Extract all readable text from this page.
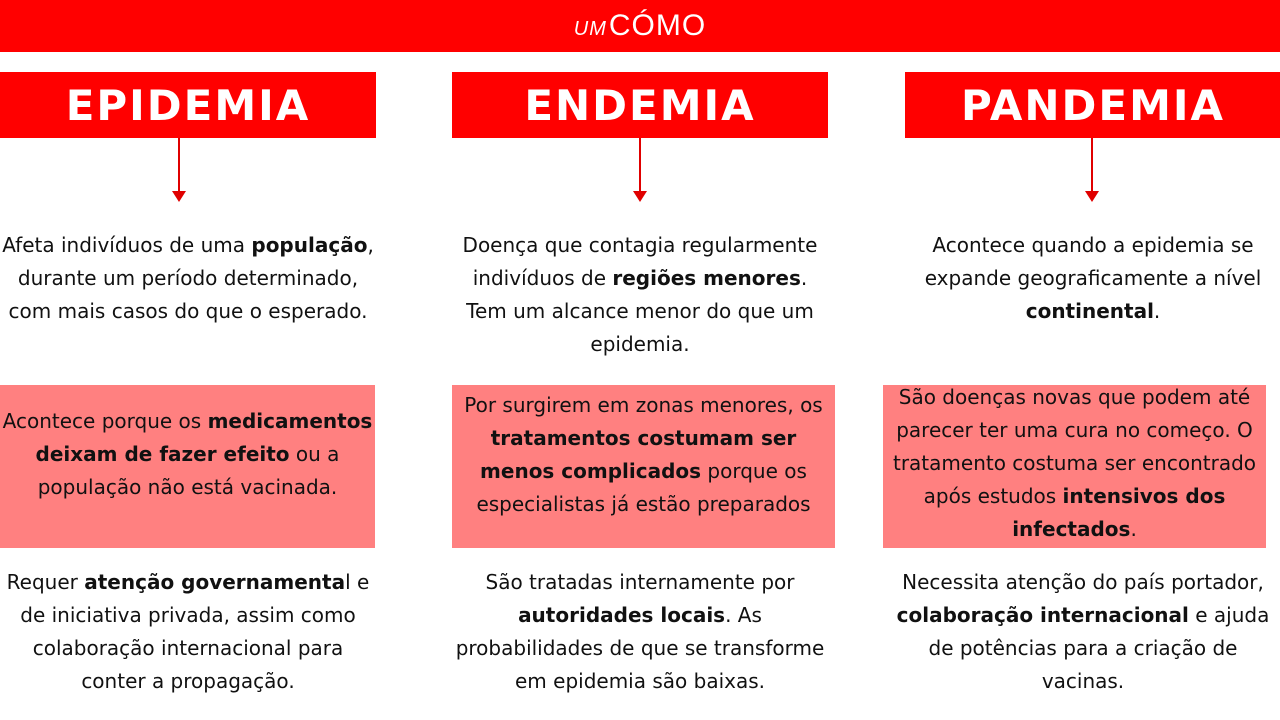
UM CÓMO
EPIDEMIA
Afeta indivíduos de uma população, durante um período determinado, com mais casos do que o esperado.
Acontece porque os medicamentos deixam de fazer efeito ou a população não está vacinada.
Requer atenção governamental e de iniciativa privada, assim como colaboração internacional para conter a propagação.
ENDEMIA
Doença que contagia regularmente indivíduos de regiões menores. Tem um alcance menor do que um epidemia.
Por surgirem em zonas menores, os tratamentos costumam ser menos complicados porque os especialistas já estão preparados
São tratadas internamente por autoridades locais. As probabilidades de que se transforme em epidemia são baixas.
PANDEMIA
Acontece quando a epidemia se expande geograficamente a nível continental.
São doenças novas que podem até parecer ter uma cura no começo. O tratamento costuma ser encontrado após estudos intensivos dos infectados.
Necessita atenção do país portador, colaboração internacional e ajuda de potências para a criação de vacinas.
